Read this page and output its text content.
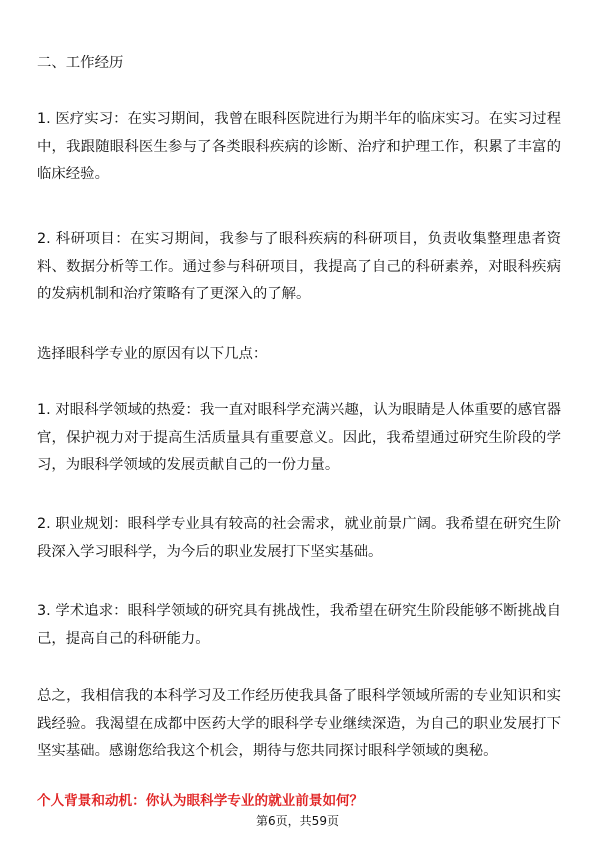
二、工作经历

1. 医疗实习：在实习期间，我曾在眼科医院进行为期半年的临床实习。在实习过程中，我跟随眼科医生参与了各类眼科疾病的诊断、治疗和护理工作，积累了丰富的临床经验。

2. 科研项目：在实习期间，我参与了眼科疾病的科研项目，负责收集整理患者资料、数据分析等工作。通过参与科研项目，我提高了自己的科研素养，对眼科疾病的发病机制和治疗策略有了更深入的了解。

选择眼科学专业的原因有以下几点：

1. 对眼科学领域的热爱：我一直对眼科学充满兴趣，认为眼睛是人体重要的感官器官，保护视力对于提高生活质量具有重要意义。因此，我希望通过研究生阶段的学习，为眼科学领域的发展贡献自己的一份力量。

2. 职业规划：眼科学专业具有较高的社会需求，就业前景广阔。我希望在研究生阶段深入学习眼科学，为今后的职业发展打下坚实基础。

3. 学术追求：眼科学领域的研究具有挑战性，我希望在研究生阶段能够不断挑战自己，提高自己的科研能力。

总之，我相信我的本科学习及工作经历使我具备了眼科学领域所需的专业知识和实践经验。我渴望在成都中医药大学的眼科学专业继续深造，为自己的职业发展打下坚实基础。感谢您给我这个机会，期待与您共同探讨眼科学领域的奥秘。

个人背景和动机：你认为眼科学专业的就业前景如何？

第6页，共59页
